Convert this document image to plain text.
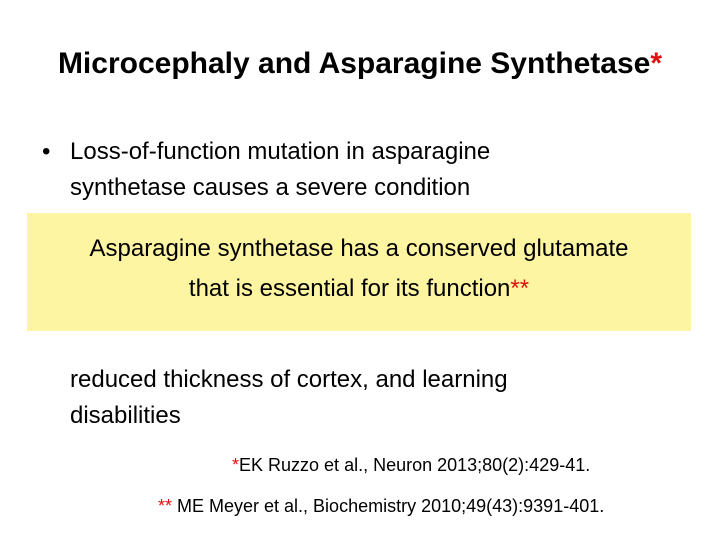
Microcephaly and Asparagine Synthetase*
• Loss-of-function mutation in asparagine
synthetase causes a severe condition
Asparagine synthetase has a conserved glutamate
that is essential for its function**
reduced thickness of cortex, and learning
disabilities
*EK Ruzzo et al., Neuron 2013;80(2):429-41.
** ME Meyer et al., Biochemistry 2010;49(43):9391-401.
